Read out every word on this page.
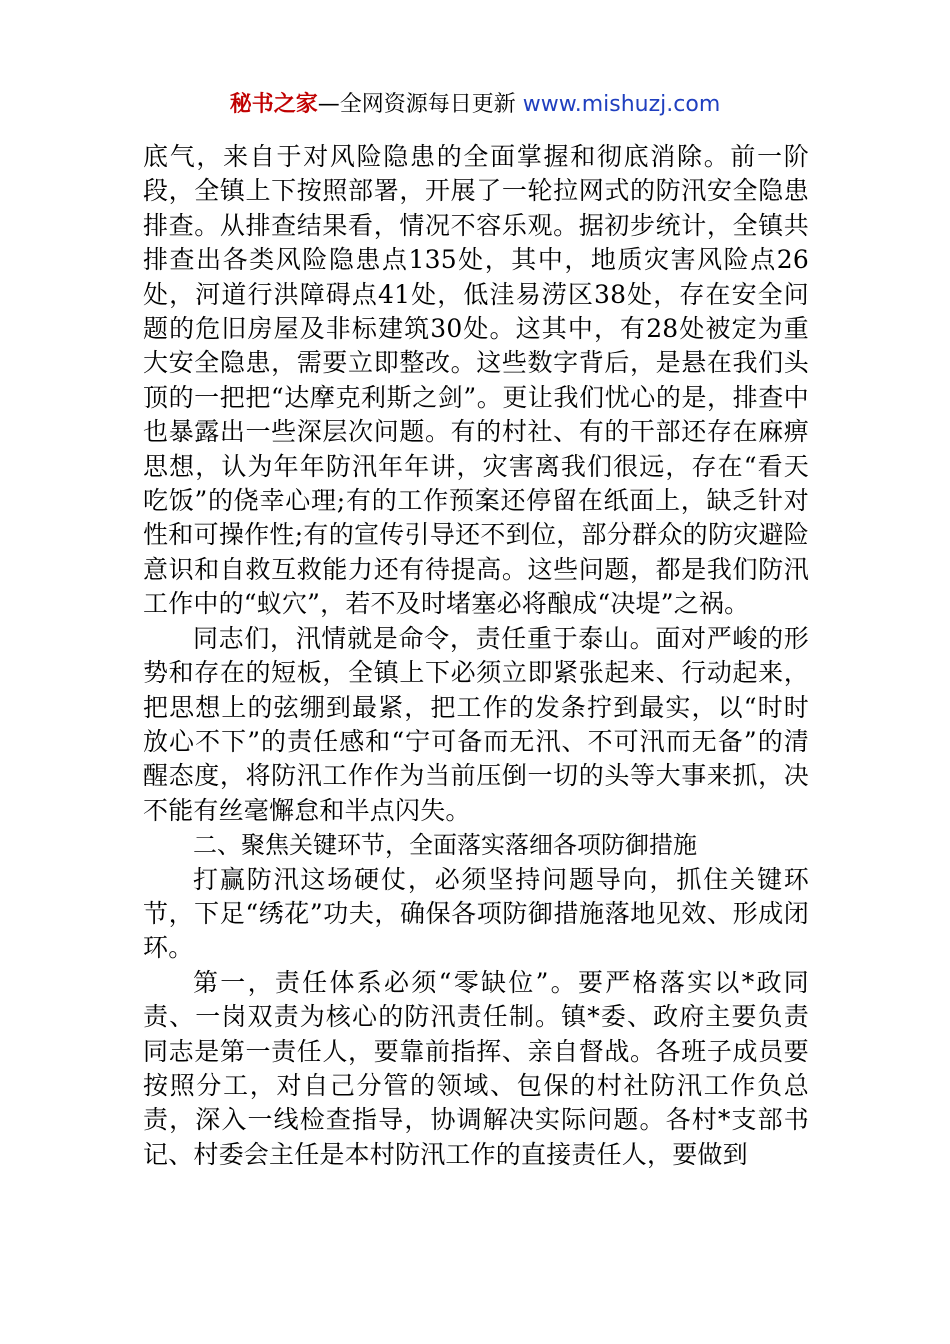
秘书之家—全网资源每日更新 www.mishuzj.com

底气，来自于对风险隐患的全面掌握和彻底消除。前一阶段，全镇上下按照部署，开展了一轮拉网式的防汛安全隐患排查。从排查结果看，情况不容乐观。据初步统计，全镇共排查出各类风险隐患点135处，其中，地质灾害风险点26处，河道行洪障碍点41处，低洼易涝区38处，存在安全问题的危旧房屋及非标建筑30处。这其中，有28处被定为重大安全隐患，需要立即整改。这些数字背后，是悬在我们头顶的一把把“达摩克利斯之剑”。更让我们忧心的是，排查中也暴露出一些深层次问题。有的村社、有的干部还存在麻痹思想，认为年年防汛年年讲，灾害离我们很远，存在“看天吃饭”的侥幸心理;有的工作预案还停留在纸面上，缺乏针对性和可操作性;有的宣传引导还不到位，部分群众的防灾避险意识和自救互救能力还有待提高。这些问题，都是我们防汛工作中的“蚁穴”，若不及时堵塞必将酿成“决堤”之祸。

同志们，汛情就是命令，责任重于泰山。面对严峻的形势和存在的短板，全镇上下必须立即紧张起来、行动起来，把思想上的弦绷到最紧，把工作的发条拧到最实，以“时时放心不下”的责任感和“宁可备而无汛、不可汛而无备”的清醒态度，将防汛工作作为当前压倒一切的头等大事来抓，决不能有丝毫懈怠和半点闪失。

二、聚焦关键环节，全面落实落细各项防御措施

打赢防汛这场硬仗，必须坚持问题导向，抓住关键环节，下足“绣花”功夫，确保各项防御措施落地见效、形成闭环。

第一，责任体系必须“零缺位”。要严格落实以*政同责、一岗双责为核心的防汛责任制。镇*委、政府主要负责同志是第一责任人，要靠前指挥、亲自督战。各班子成员要按照分工，对自己分管的领域、包保的村社防汛工作负总责，深入一线检查指导，协调解决实际问题。各村*支部书记、村委会主任是本村防汛工作的直接责任人，要做到
